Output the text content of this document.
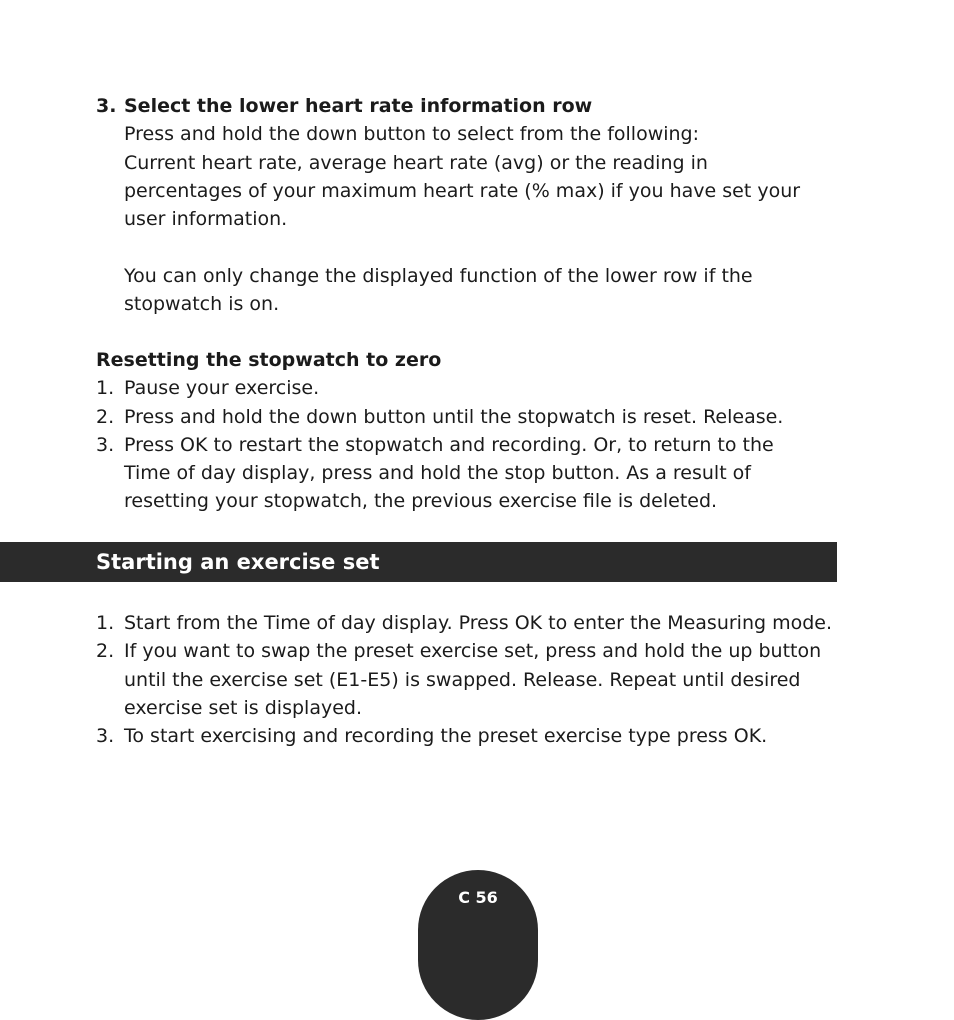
3. Select the lower heart rate information row
Press and hold the down button to select from the following:
Current heart rate, average heart rate (avg) or the reading in
percentages of your maximum heart rate (% max) if you have set your
user information.
You can only change the displayed function of the lower row if the
stopwatch is on.
Resetting the stopwatch to zero
1. Pause your exercise.
2. Press and hold the down button until the stopwatch is reset. Release.
3. Press OK to restart the stopwatch and recording. Or, to return to the
Time of day display, press and hold the stop button. As a result of
resetting your stopwatch, the previous exercise file is deleted.
Starting an exercise set
1. Start from the Time of day display. Press OK to enter the Measuring mode.
2. If you want to swap the preset exercise set, press and hold the up button
until the exercise set (E1-E5) is swapped. Release. Repeat until desired
exercise set is displayed.
3. To start exercising and recording the preset exercise type press OK.
C 56
